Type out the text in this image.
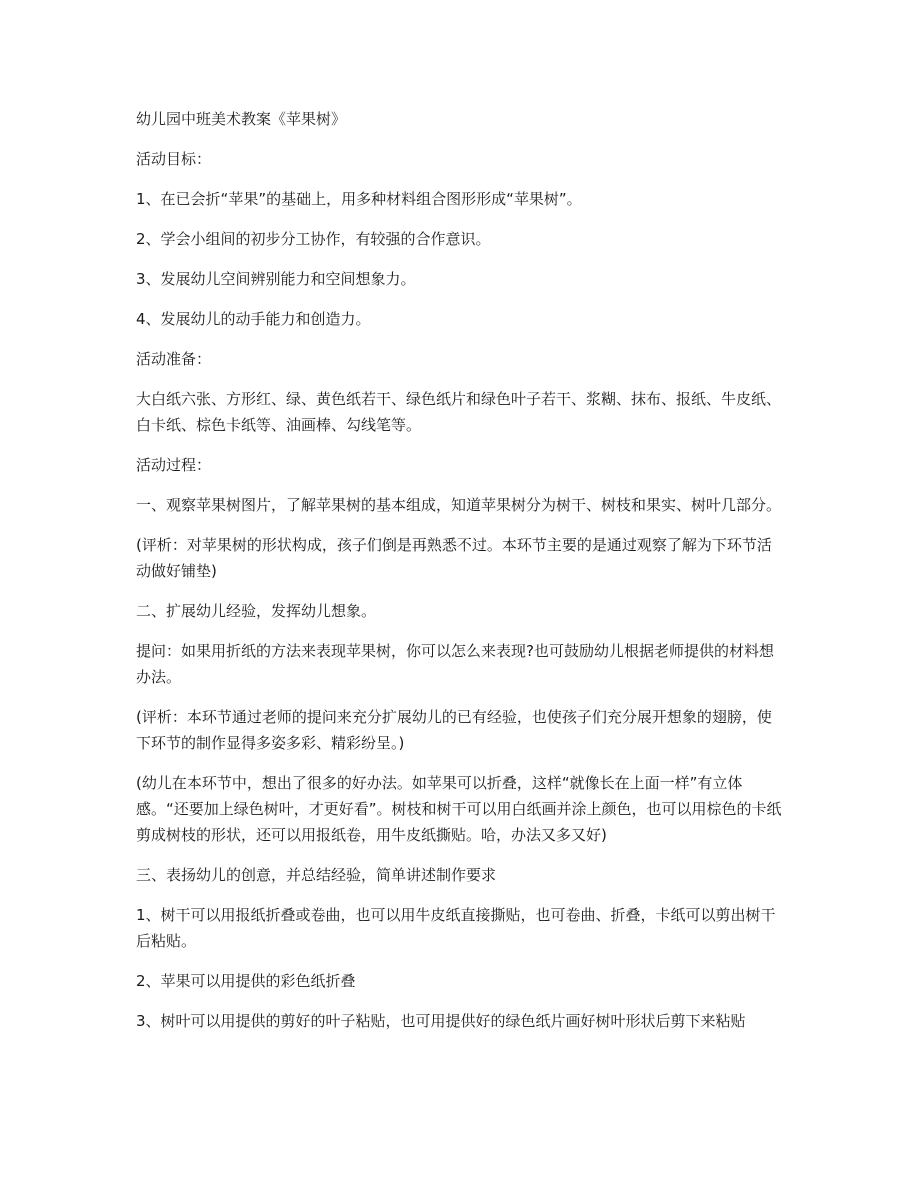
幼儿园中班美术教案《苹果树》

活动目标：

1、在已会折“苹果”的基础上，用多种材料组合图形形成“苹果树”。

2、学会小组间的初步分工协作，有较强的合作意识。

3、发展幼儿空间辨别能力和空间想象力。

4、发展幼儿的动手能力和创造力。

活动准备：

大白纸六张、方形红、绿、黄色纸若干、绿色纸片和绿色叶子若干、浆糊、抹布、报纸、牛皮纸、白卡纸、棕色卡纸等、油画棒、勾线笔等。

活动过程：

一、观察苹果树图片，了解苹果树的基本组成，知道苹果树分为树干、树枝和果实、树叶几部分。

(评析：对苹果树的形状构成，孩子们倒是再熟悉不过。本环节主要的是通过观察了解为下环节活动做好铺垫)

二、扩展幼儿经验，发挥幼儿想象。

提问：如果用折纸的方法来表现苹果树，你可以怎么来表现?也可鼓励幼儿根据老师提供的材料想办法。

(评析：本环节通过老师的提问来充分扩展幼儿的已有经验，也使孩子们充分展开想象的翅膀，使下环节的制作显得多姿多彩、精彩纷呈。)

(幼儿在本环节中，想出了很多的好办法。如苹果可以折叠，这样“就像长在上面一样”有立体感。“还要加上绿色树叶，才更好看”。树枝和树干可以用白纸画并涂上颜色，也可以用棕色的卡纸剪成树枝的形状，还可以用报纸卷，用牛皮纸撕贴。哈，办法又多又好)

三、表扬幼儿的创意，并总结经验，简单讲述制作要求

1、树干可以用报纸折叠或卷曲，也可以用牛皮纸直接撕贴，也可卷曲、折叠，卡纸可以剪出树干后粘贴。

2、苹果可以用提供的彩色纸折叠

3、树叶可以用提供的剪好的叶子粘贴，也可用提供好的绿色纸片画好树叶形状后剪下来粘贴
